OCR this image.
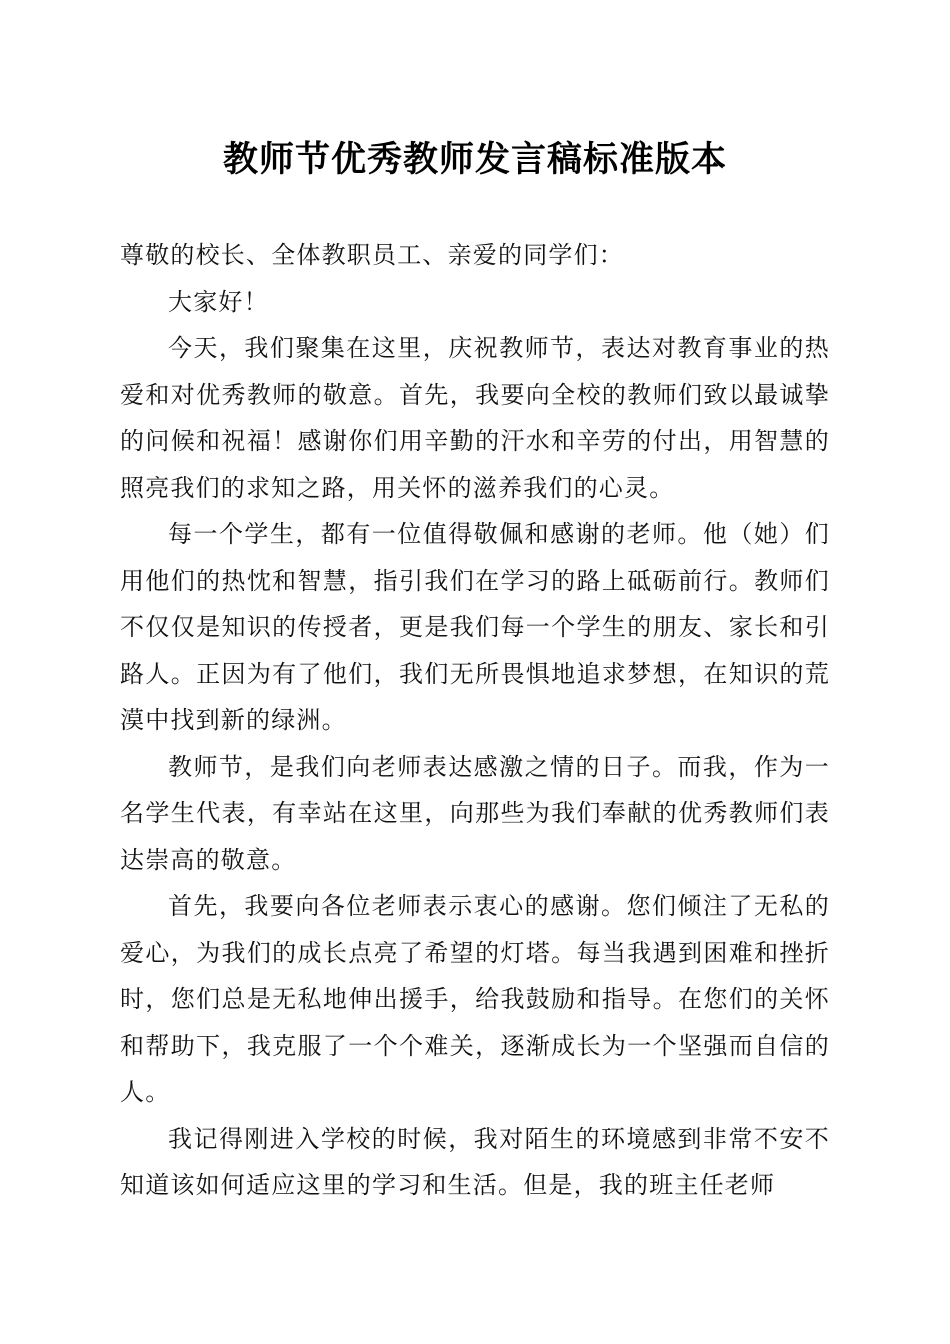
教师节优秀教师发言稿标准版本

尊敬的校长、全体教职员工、亲爱的同学们：

大家好！

今天，我们聚集在这里，庆祝教师节，表达对教育事业的热爱和对优秀教师的敬意。首先，我要向全校的教师们致以最诚挚的问候和祝福！感谢你们用辛勤的汗水和辛劳的付出，用智慧的照亮我们的求知之路，用关怀的滋养我们的心灵。

每一个学生，都有一位值得敬佩和感谢的老师。他（她）们用他们的热忱和智慧，指引我们在学习的路上砥砺前行。教师们不仅仅是知识的传授者，更是我们每一个学生的朋友、家长和引路人。正因为有了他们，我们无所畏惧地追求梦想，在知识的荒漠中找到新的绿洲。

教师节，是我们向老师表达感激之情的日子。而我，作为一名学生代表，有幸站在这里，向那些为我们奉献的优秀教师们表达崇高的敬意。

首先，我要向各位老师表示衷心的感谢。您们倾注了无私的爱心，为我们的成长点亮了希望的灯塔。每当我遇到困难和挫折时，您们总是无私地伸出援手，给我鼓励和指导。在您们的关怀和帮助下，我克服了一个个难关，逐渐成长为一个坚强而自信的人。

我记得刚进入学校的时候，我对陌生的环境感到非常不安不知道该如何适应这里的学习和生活。但是，我的班主任老师
